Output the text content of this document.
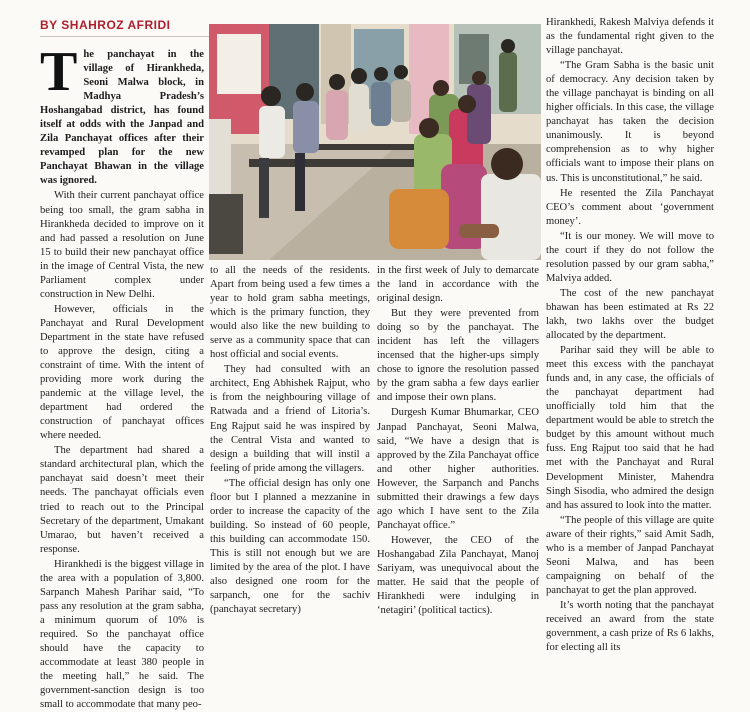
BY SHAHROZ AFRIDI

The panchayat in the village of Hirankheda, Seoni Malwa block, in Madhya Pradesh’s Hoshangabad district, has found itself at odds with the Janpad and Zila Panchayat offices after their revamped plan for the new Panchayat Bhawan in the village was ignored.

With their current panchayat office being too small, the gram sabha in Hirankheda decided to improve on it and had passed a resolution on June 15 to build their new panchayat office in the image of Central Vista, the new Parliament complex under construction in New Delhi.

However, officials in the Panchayat and Rural Development Department in the state have refused to approve the design, citing a constraint of time. With the intent of providing more work during the pandemic at the village level, the department had ordered the construction of panchayat offices where needed.

The department had shared a standard architectural plan, which the panchayat said doesn’t meet their needs. The panchayat officials even tried to reach out to the Principal Secretary of the department, Umakant Umarao, but haven’t received a response.

Hirankhedi is the biggest village in the area with a population of 3,800. Sarpanch Mahesh Parihar said, “To pass any resolution at the gram sabha, a minimum quorum of 10% is required. So the panchayat office should have the capacity to accommodate at least 380 people in the meeting hall,” he said. The government-sanction design is too small to accommodate that many peo-

to all the needs of the residents. Apart from being used a few times a year to hold gram sabha meetings, which is the primary function, they would also like the new building to serve as a community space that can host official and social events.

They had consulted with an architect, Eng Abhishek Rajput, who is from the neighbouring village of Ratwada and a friend of Litoria’s. Eng Rajput said he was inspired by the Central Vista and wanted to design a building that will instil a feeling of pride among the villagers.

“The official design has only one floor but I planned a mezzanine in order to increase the capacity of the building. So instead of 60 people, this building can accommodate 150. This is still not enough but we are limited by the area of the plot. I have also designed one room for the sarpanch, one for the sachiv (panchayat secretary)

in the first week of July to demarcate the land in accordance with the original design.

But they were prevented from doing so by the panchayat. The incident has left the villagers incensed that the higher-ups simply chose to ignore the resolution passed by the gram sabha a few days earlier and impose their own plans.

Durgesh Kumar Bhumarkar, CEO Janpad Panchayat, Seoni Malwa, said, “We have a design that is approved by the Zila Panchayat office and other higher authorities. However, the Sarpanch and Panchs submitted their drawings a few days ago which I have sent to the Zila Panchayat office.”

However, the CEO of the Hoshangabad Zila Panchayat, Manoj Sariyam, was unequivocal about the matter. He said that the people of Hirankhedi were indulging in ‘netagiri’ (political tactics).

Hirankhedi, Rakesh Malviya defends it as the fundamental right given to the village panchayat.

“The Gram Sabha is the basic unit of democracy. Any decision taken by the village panchayat is binding on all higher officials. In this case, the village panchayat has taken the decision unanimously. It is beyond comprehension as to why higher officials want to impose their plans on us. This is unconstitutional,” he said.

He resented the Zila Panchayat CEO’s comment about ‘government money’.

“It is our money. We will move to the court if they do not follow the resolution passed by our gram sabha,” Malviya added.

The cost of the new panchayat bhawan has been estimated at Rs 22 lakh, two lakhs over the budget allocated by the department.

Parihar said they will be able to meet this excess with the panchayat funds and, in any case, the officials of the panchayat department had unofficially told him that the department would be able to stretch the budget by this amount without much fuss. Eng Rajput too said that he had met with the Panchayat and Rural Development Minister, Mahendra Singh Sisodia, who admired the design and has assured to look into the matter.

“The people of this village are quite aware of their rights,” said Amit Sadh, who is a member of Janpad Panchayat Seoni Malwa, and has been campaigning on behalf of the panchayat to get the plan approved.

It’s worth noting that the panchayat received an award from the state government, a cash prize of Rs 6 lakhs, for electing all its
